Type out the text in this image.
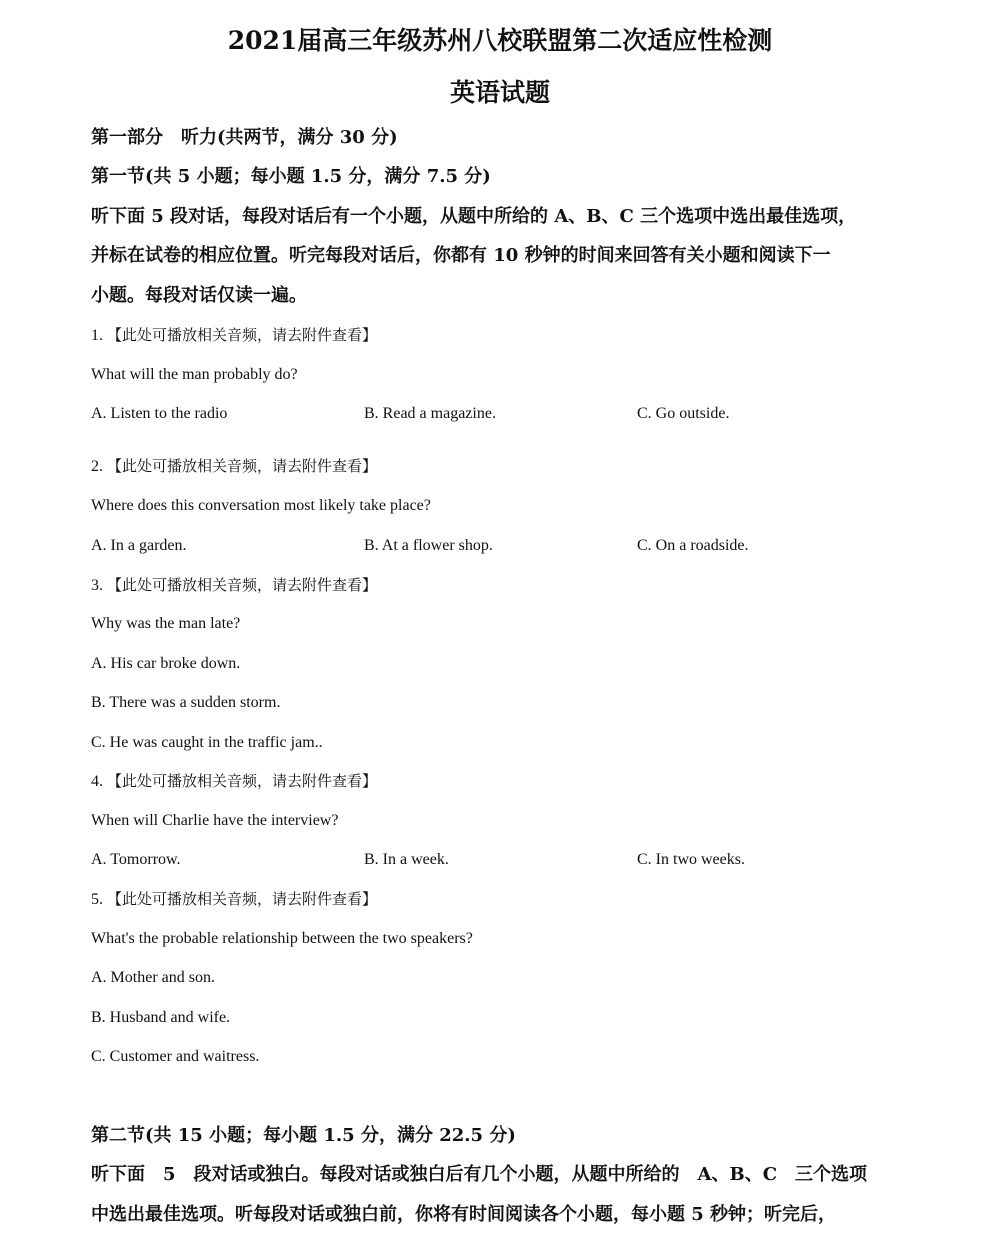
2021届高三年级苏州八校联盟第二次适应性检测
英语试题
第一部分　听力(共两节，满分 30 分)
第一节(共 5 小题；每小题 1.5 分，满分 7.5 分)
听下面 5 段对话，每段对话后有一个小题，从题中所给的 A、B、C 三个选项中选出最佳选项，
并标在试卷的相应位置。听完每段对话后，你都有 10 秒钟的时间来回答有关小题和阅读下一
小题。每段对话仅读一遍。
1. 【此处可播放相关音频，请去附件查看】
What will the man probably do?
A. Listen to the radio	B. Read a magazine.	C. Go outside.
2. 【此处可播放相关音频，请去附件查看】
Where does this conversation most likely take place?
A. In a garden.	B. At a flower shop.	C. On a roadside.
3. 【此处可播放相关音频，请去附件查看】
Why was the man late?
A. His car broke down.
B. There was a sudden storm.
C. He was caught in the traffic jam..
4. 【此处可播放相关音频，请去附件查看】
When will Charlie have the interview?
A. Tomorrow.	B. In a week.	C. In two weeks.
5. 【此处可播放相关音频，请去附件查看】
What's the probable relationship between the two speakers?
A. Mother and son.
B. Husband and wife.
C. Customer and waitress.
第二节(共 15 小题；每小题 1.5 分，满分 22.5 分)
听下面　5　段对话或独白。每段对话或独白后有几个小题，从题中所给的　A、B、C　三个选项
中选出最佳选项。听每段对话或独白前，你将有时间阅读各个小题，每小题 5 秒钟；听完后，
